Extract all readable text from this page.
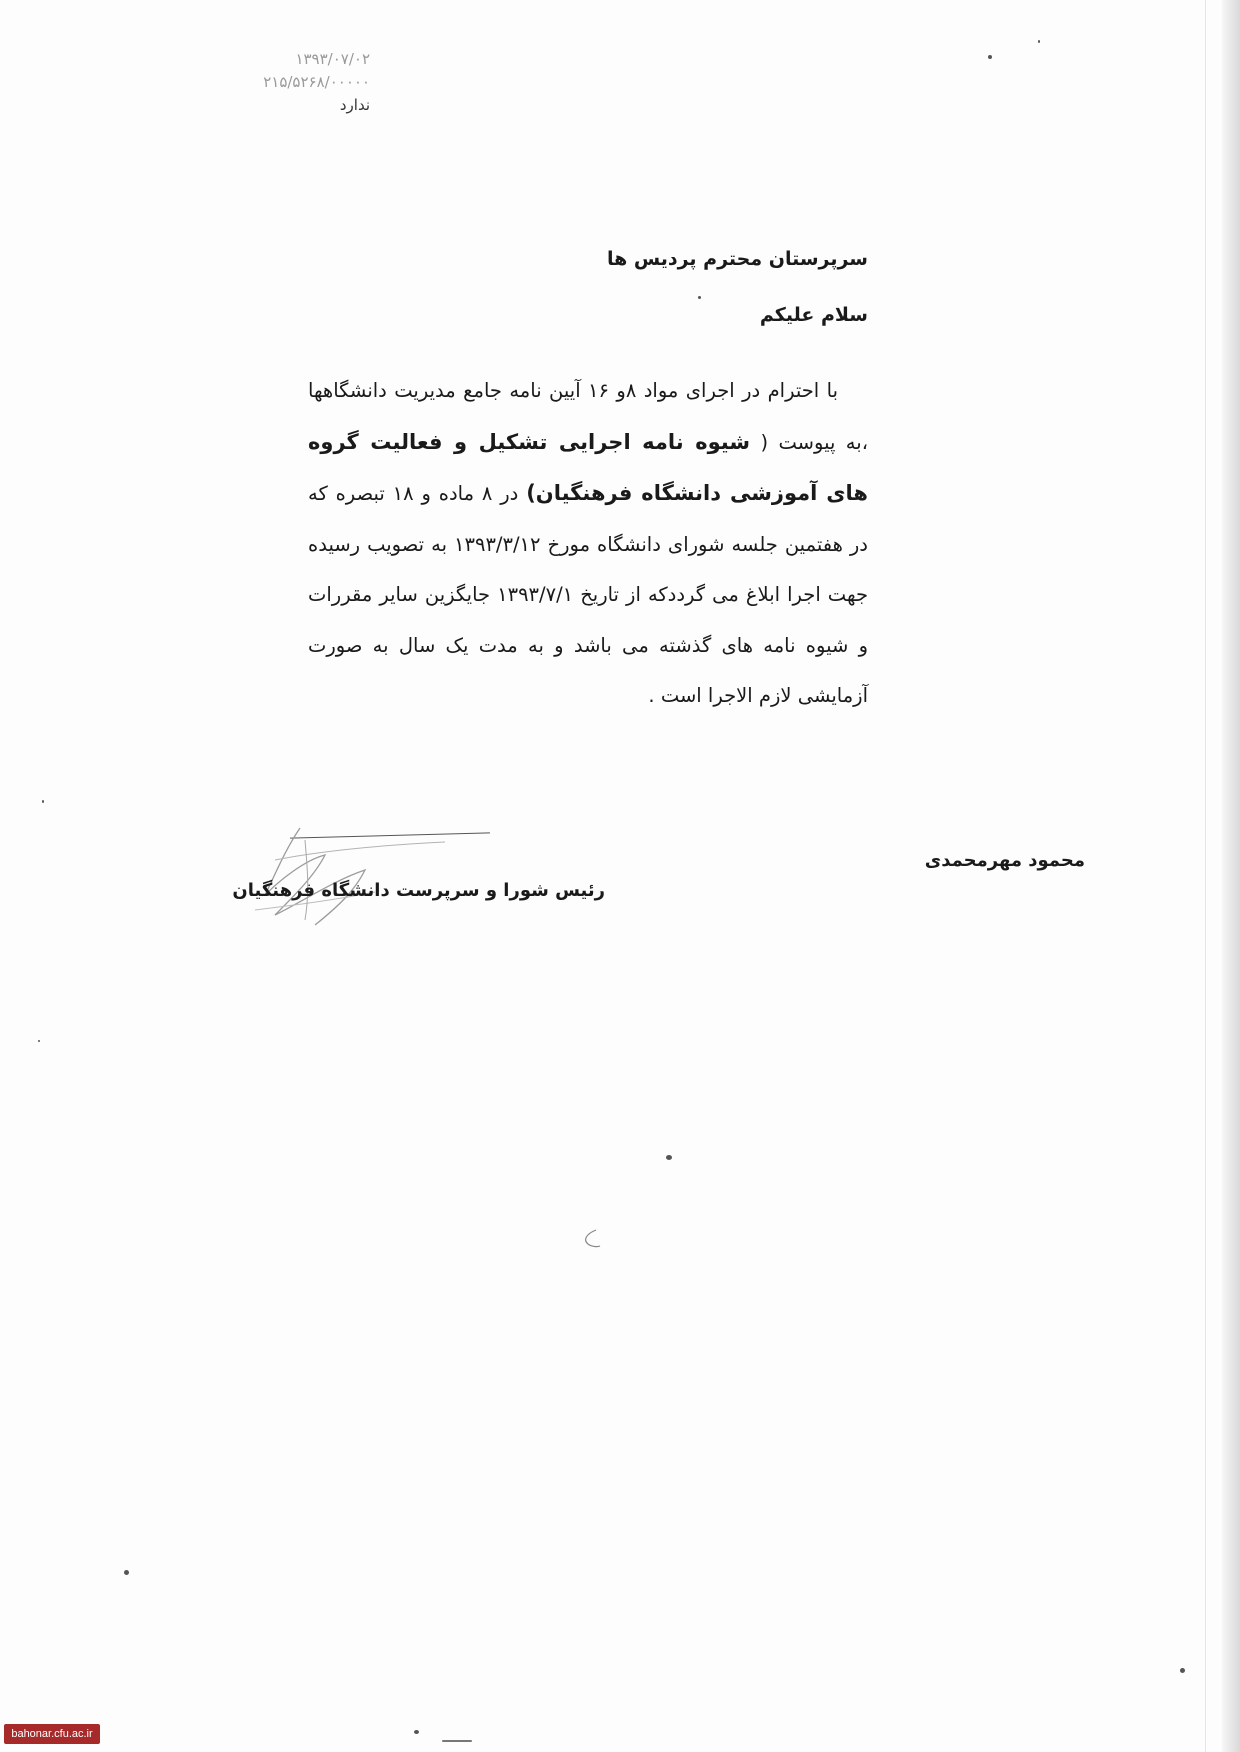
۱۳۹۳/۰۷/۰۲
۲۱۵/۵۲۶۸/۰۰۰۰۰
ندارد
سرپرستان محترم پردیس ها
سلام علیکم
با احترام در اجرای مواد ۸و ۱۶ آیین نامه جامع مدیریت دانشگاهها ،به پیوست ( شیوه نامه اجرایی تشکیل و فعالیت گروه های آموزشی دانشگاه فرهنگیان) در ۸ ماده و ۱۸ تبصره که در هفتمین جلسه شورای دانشگاه مورخ ۱۳۹۳/۳/۱۲ به تصویب رسیده جهت اجرا ابلاغ می گرددکه از تاریخ ۱۳۹۳/۷/۱ جایگزین سایر مقررات و شیوه نامه های گذشته می باشد و به مدت یک سال به صورت آزمایشی لازم الاجرا است .
محمود مهرمحمدی
رئیس شورا و سرپرست دانشگاه فرهنگیان
bahonar.cfu.ac.ir
